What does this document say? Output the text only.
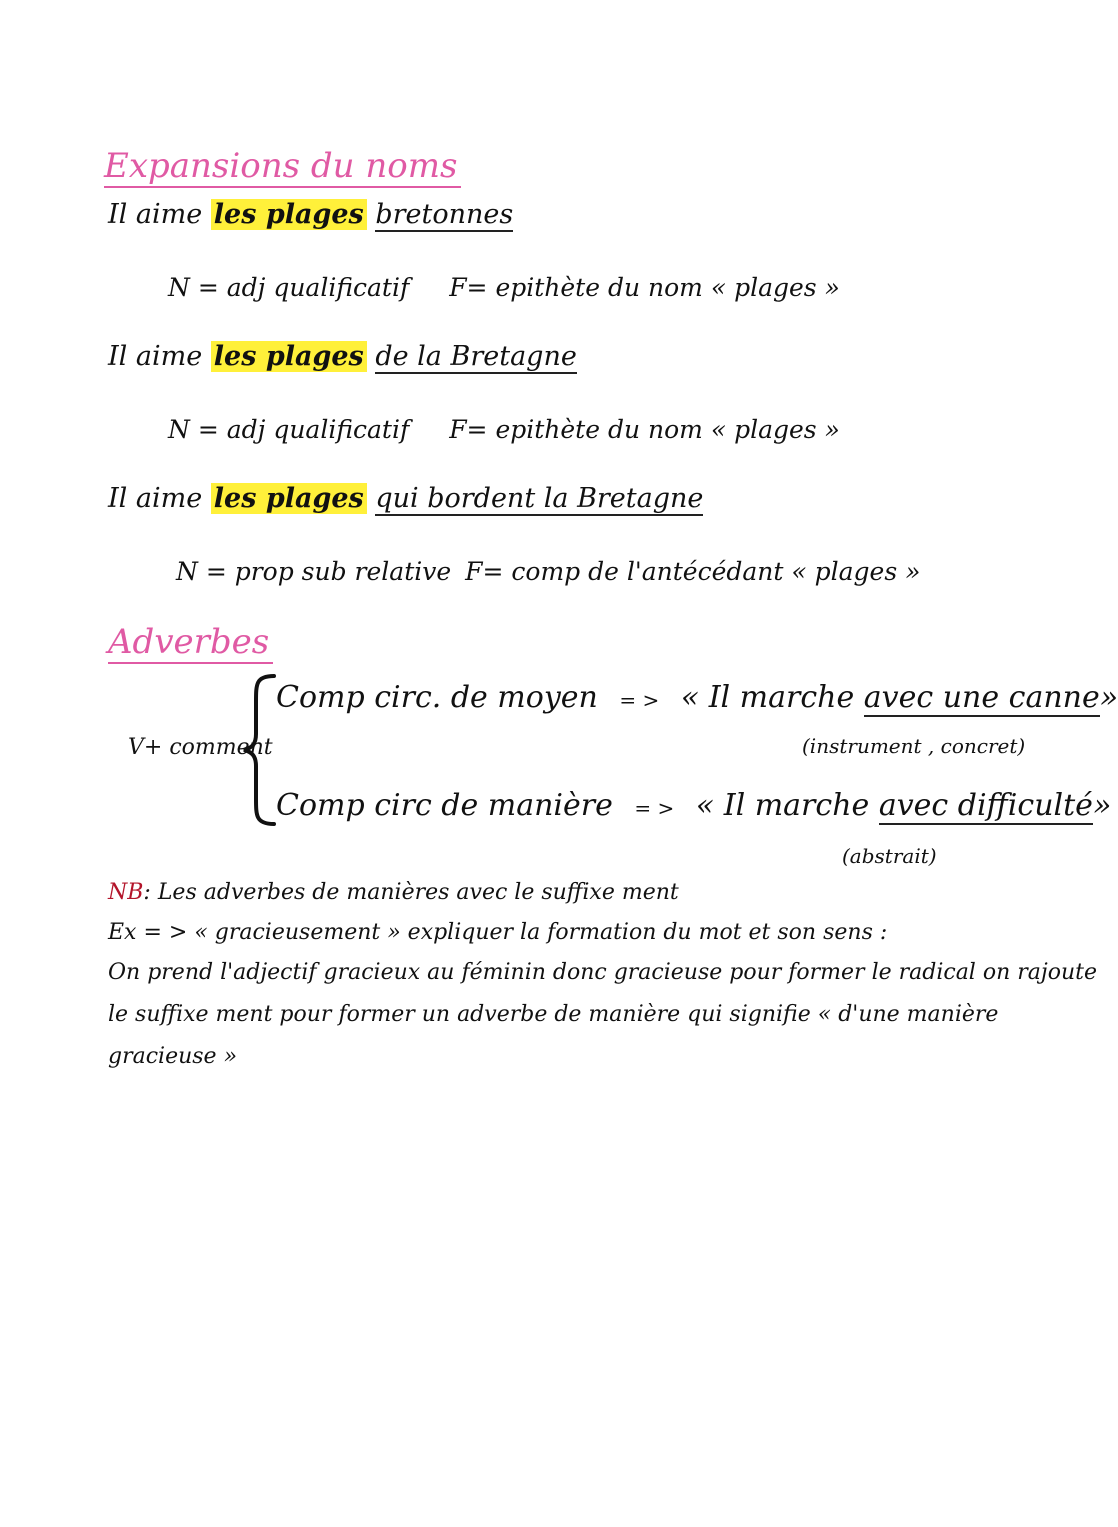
Expansions du noms
Il aime les plages bretonnes
N = adj qualificatif F= epithète du nom « plages »
Il aime les plages de la Bretagne
N = adj qualificatif F= epithète du nom « plages »
Il aime les plages qui bordent la Bretagne
N = prop sub relative F= comp de l'antécédant « plages »
Adverbes
V+ comment
Comp circ. de moyen = > « Il marche avec une canne»
(instrument , concret)
Comp circ de manière = > « Il marche avec difficulté»
(abstrait)
NB: Les adverbes de manières avec le suffixe ment
Ex = > « gracieusement » expliquer la formation du mot et son sens :
On prend l'adjectif gracieux au féminin donc gracieuse pour former le radical on rajoute
le suffixe ment pour former un adverbe de manière qui signifie « d'une manière
gracieuse »
